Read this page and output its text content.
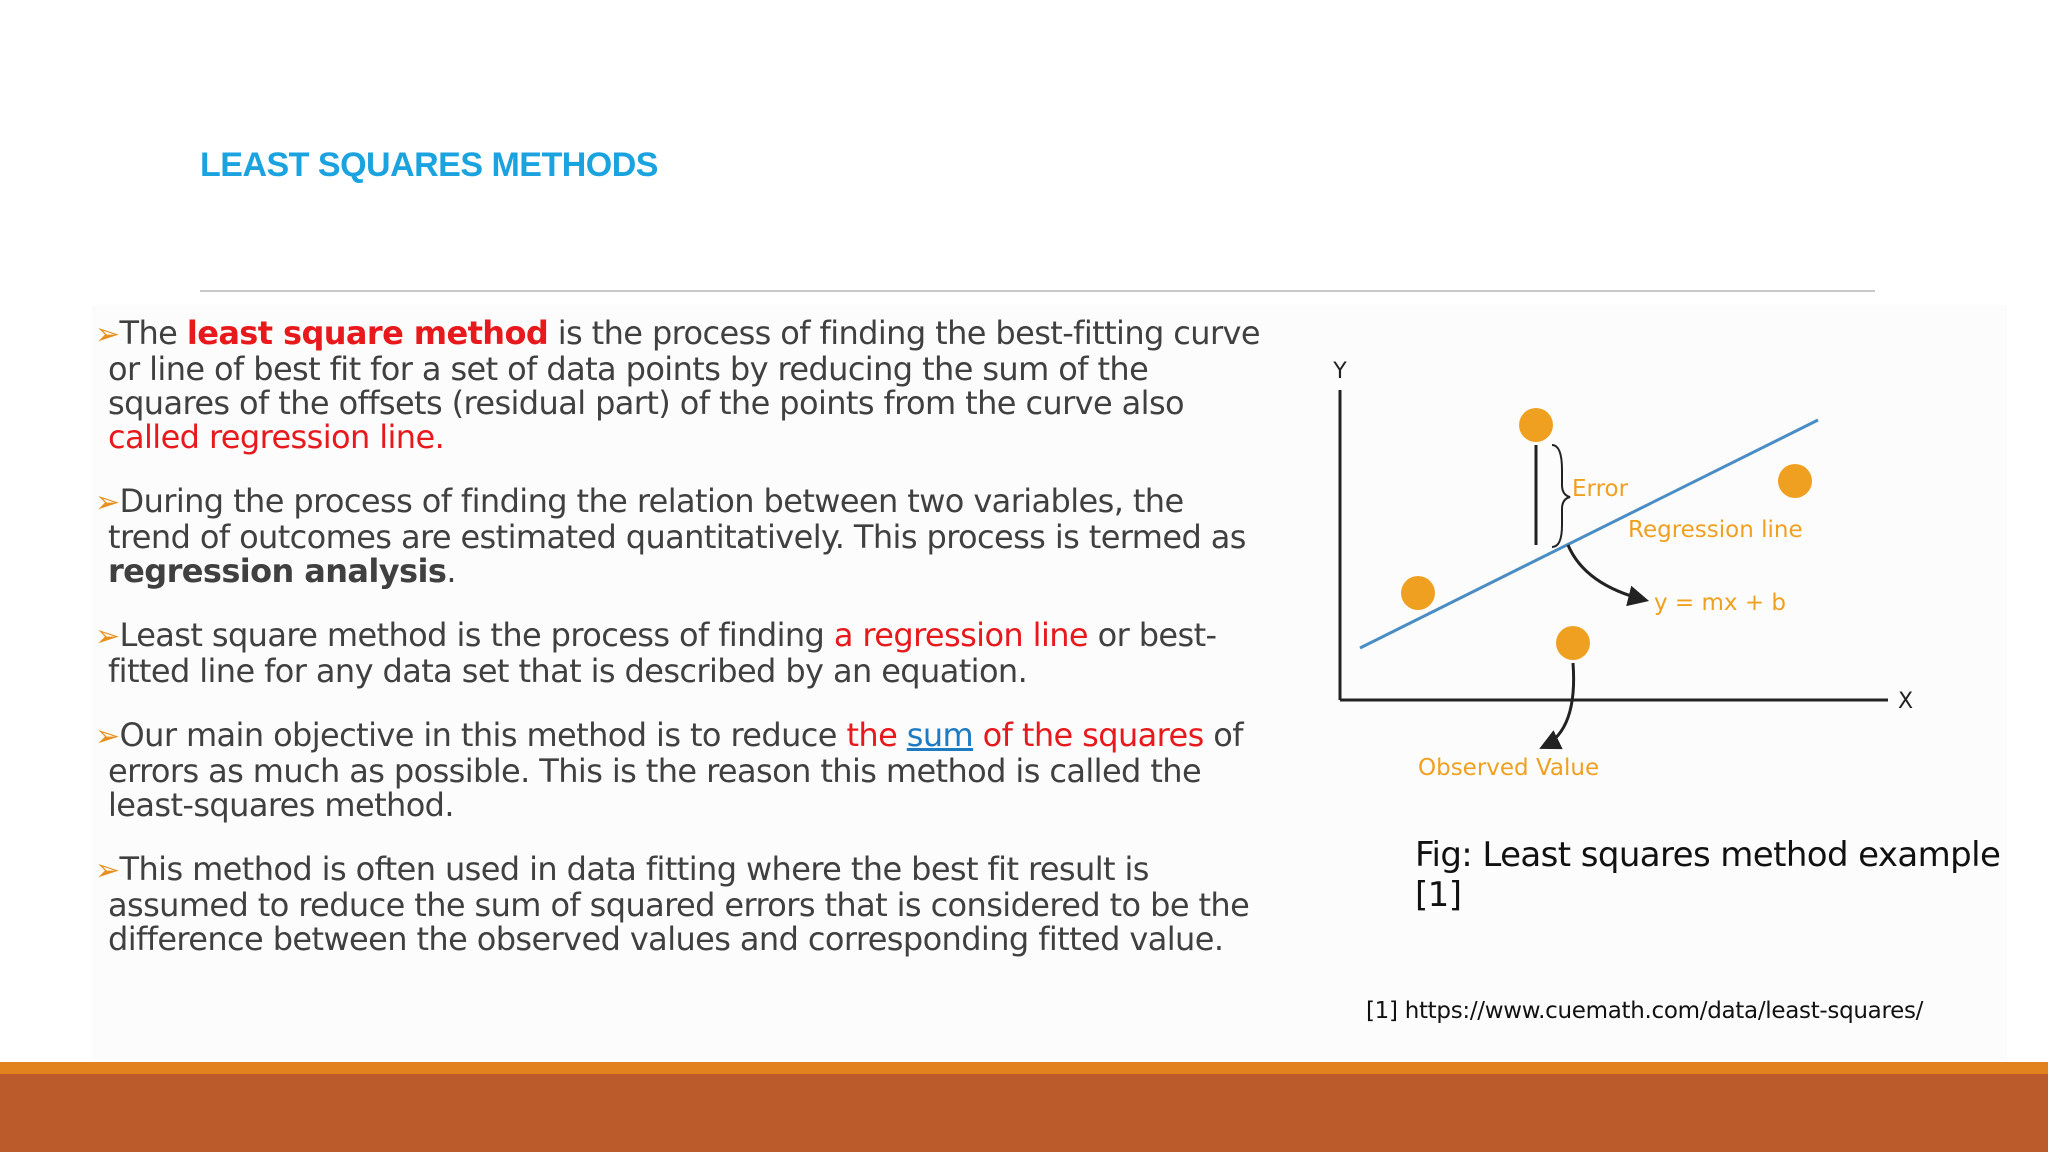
LEAST SQUARES METHODS

➢The least square method is the process of finding the best-fitting curve or line of best fit for a set of data points by reducing the sum of the squares of the offsets (residual part) of the points from the curve also called regression line.

➢During the process of finding the relation between two variables, the trend of outcomes are estimated quantitatively. This process is termed as regression analysis.

➢Least square method is the process of finding a regression line or best-fitted line for any data set that is described by an equation.

➢Our main objective in this method is to reduce the sum of the squares of errors as much as possible. This is the reason this method is called the least-squares method.

➢This method is often used in data fitting where the best fit result is assumed to reduce the sum of squared errors that is considered to be the difference between the observed values and corresponding fitted value.

Y
X
Error
Regression line
y = mx + b
Observed Value
Fig: Least squares method example [1]
[1] https://www.cuemath.com/data/least-squares/
